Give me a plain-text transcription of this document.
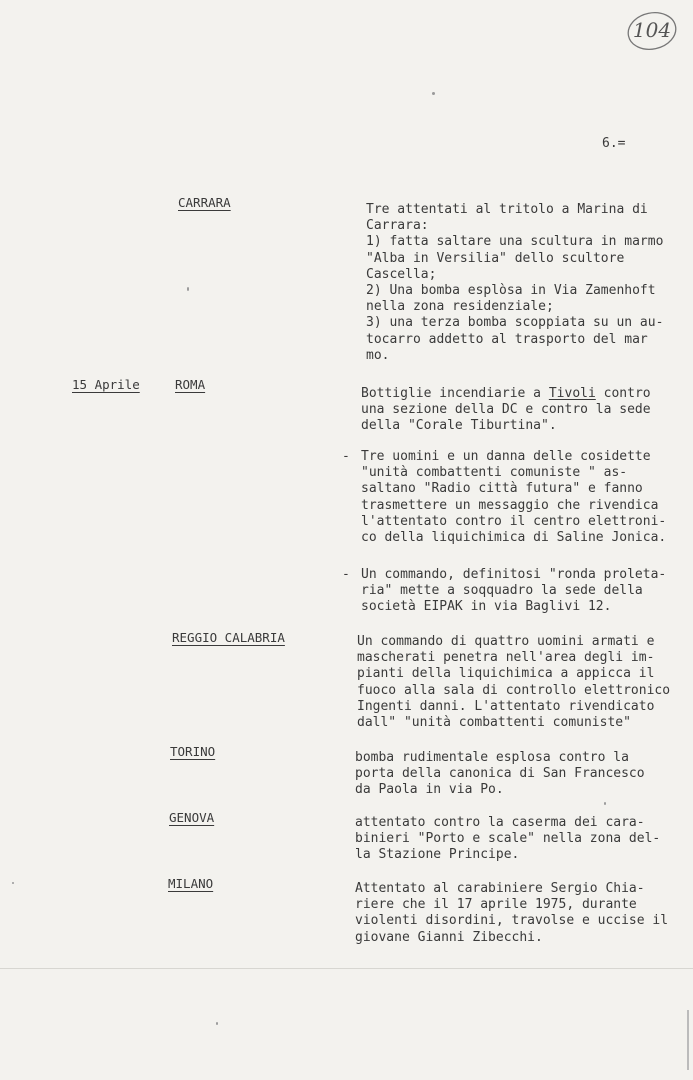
104
6.=
CARRARA	Tre attentati al tritolo a Marina di
Carrara:
1) fatta saltare una scultura in marmo
"Alba in Versilia" dello scultore
Cascella;
2) Una bomba esplòsa in Via Zamenhoft
nella zona residenziale;
3) una terza bomba scoppiata su un au-
tocarro addetto al trasporto del mar
mo.
15 Aprile	ROMA
Bottiglie incendiarie a Tivoli contro
una sezione della DC e contro la sede
della "Corale Tiburtina".
- Tre uomini e un danna delle cosidette
"unità combattenti comuniste " as-
saltano "Radio città futura" e fanno
trasmettere un messaggio che rivendica
l'attentato contro il centro elettroni-
co della liquichimica di Saline Jonica.
- Un commando, definitosi "ronda proleta-
ria" mette a soqquadro la sede della
società EIPAK in via Baglivi 12.
REGGIO CALABRIA	Un commando di quattro uomini armati e
mascherati penetra nell'area degli im-
pianti della liquichimica a appicca il
fuoco alla sala di controllo elettronico
Ingenti danni. L'attentato rivendicato
dall" "unità combattenti comuniste"
TORINO	bomba rudimentale esplosa contro la
porta della canonica di San Francesco
da Paola in via Po.
GENOVA	attentato contro la caserma dei cara-
binieri "Porto e scale" nella zona del-
la Stazione Principe.
MILANO	Attentato al carabiniere Sergio Chia-
riere che il 17 aprile 1975, durante
violenti disordini, travolse e uccise il
giovane Gianni Zibecchi.
